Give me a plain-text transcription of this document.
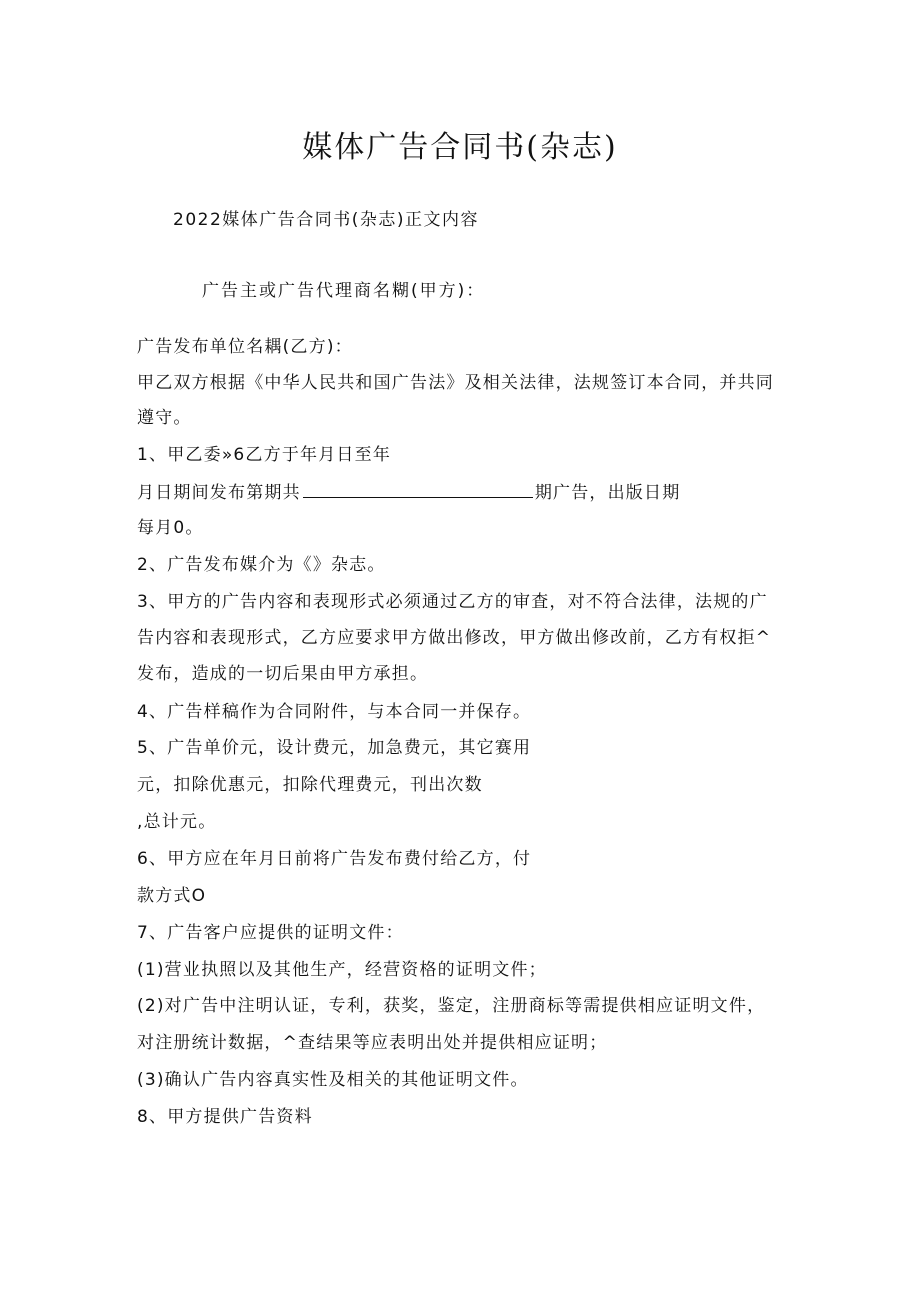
媒体广告合同书(杂志)
2022媒体广告合同书(杂志)正文内容
广告主或广告代理商名糊(甲方)：
广告发布单位名耦(乙方)：
甲乙双方根据《中华人民共和国广告法》及相关法律，法规签订本合同，并共同
遵守。
1、甲乙委»6乙方于年月日至年
月日期间发布第期共	期广告，出版日期
每月0。
2、广告发布媒介为《》杂志。
3、甲方的广告内容和表现形式必须通过乙方的审査，对不符合法律，法规的广
告内容和表现形式，乙方应要求甲方做出修改，甲方做出修改前，乙方有权拒^
发布，造成的一切后果由甲方承担。
4、广告样稿作为合同附件，与本合同一并保存。
5、广告单价元，设计费元，加急费元，其它赛用
元，扣除优惠元，扣除代理费元，刊出次数
,总计元。
6、甲方应在年月日前将广告发布费付给乙方，付
款方式O
7、广告客户应提供的证明文件：
(1)营业执照以及其他生产，经营资格的证明文件；
(2)对广告中注明认证，专利，获奖，鉴定，注册商标等需提供相应证明文件，
对注册统计数据，^查结果等应表明出处并提供相应证明；
(3)确认广告内容真实性及相关的其他证明文件。
8、甲方提供广告资料
